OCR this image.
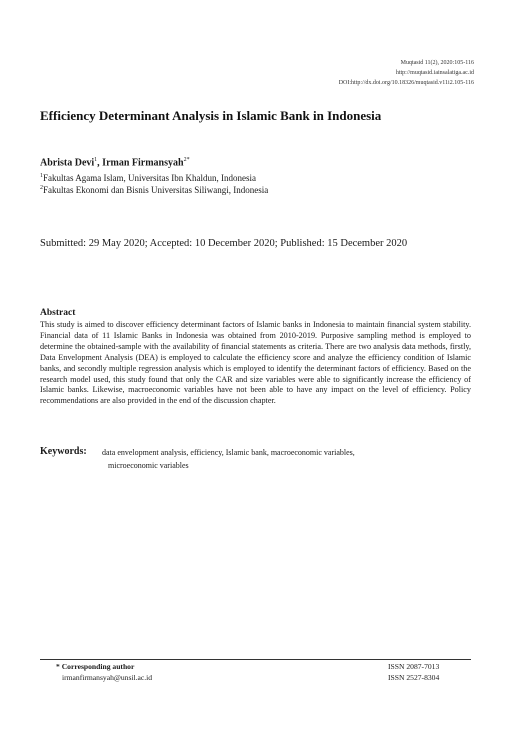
Muqtasid 11(2), 2020:105-116
http://muqtasid.iainsalatiga.ac.id
DOI:http://dx.doi.org/10.18326/muqtasid.v11i2.105-116
Efficiency Determinant Analysis in Islamic Bank in Indonesia
Abrista Devi$^1$, Irman Firmansyah$^{2*}$
$^1$Fakultas Agama Islam, Universitas Ibn Khaldun, Indonesia
$^2$Fakultas Ekonomi dan Bisnis Universitas Siliwangi, Indonesia
Submitted: 29 May 2020; Accepted: 10 December 2020; Published: 15 December 2020
Abstract
This study is aimed to discover efficiency determinant factors of Islamic banks in Indonesia to maintain financial system stability. Financial data of 11 Islamic Banks in Indonesia was obtained from 2010-2019. Purposive sampling method is employed to determine the obtained-sample with the availability of financial statements as criteria. There are two analysis data methods, firstly, Data Envelopment Analysis (DEA) is employed to calculate the efficiency score and analyze the efficiency condition of Islamic banks, and secondly multiple regression analysis which is employed to identify the determinant factors of efficiency. Based on the research model used, this study found that only the CAR and size variables were able to significantly increase the efficiency of Islamic banks. Likewise, macroeconomic variables have not been able to have any impact on the level of efficiency. Policy recommendations are also provided in the end of the discussion chapter.
Keywords: data envelopment analysis, efficiency, Islamic bank, macroeconomic variables,
microeconomic variables
* Corresponding author
irmanfirmansyah@unsil.ac.id
ISSN 2087-7013
ISSN 2527-8304
